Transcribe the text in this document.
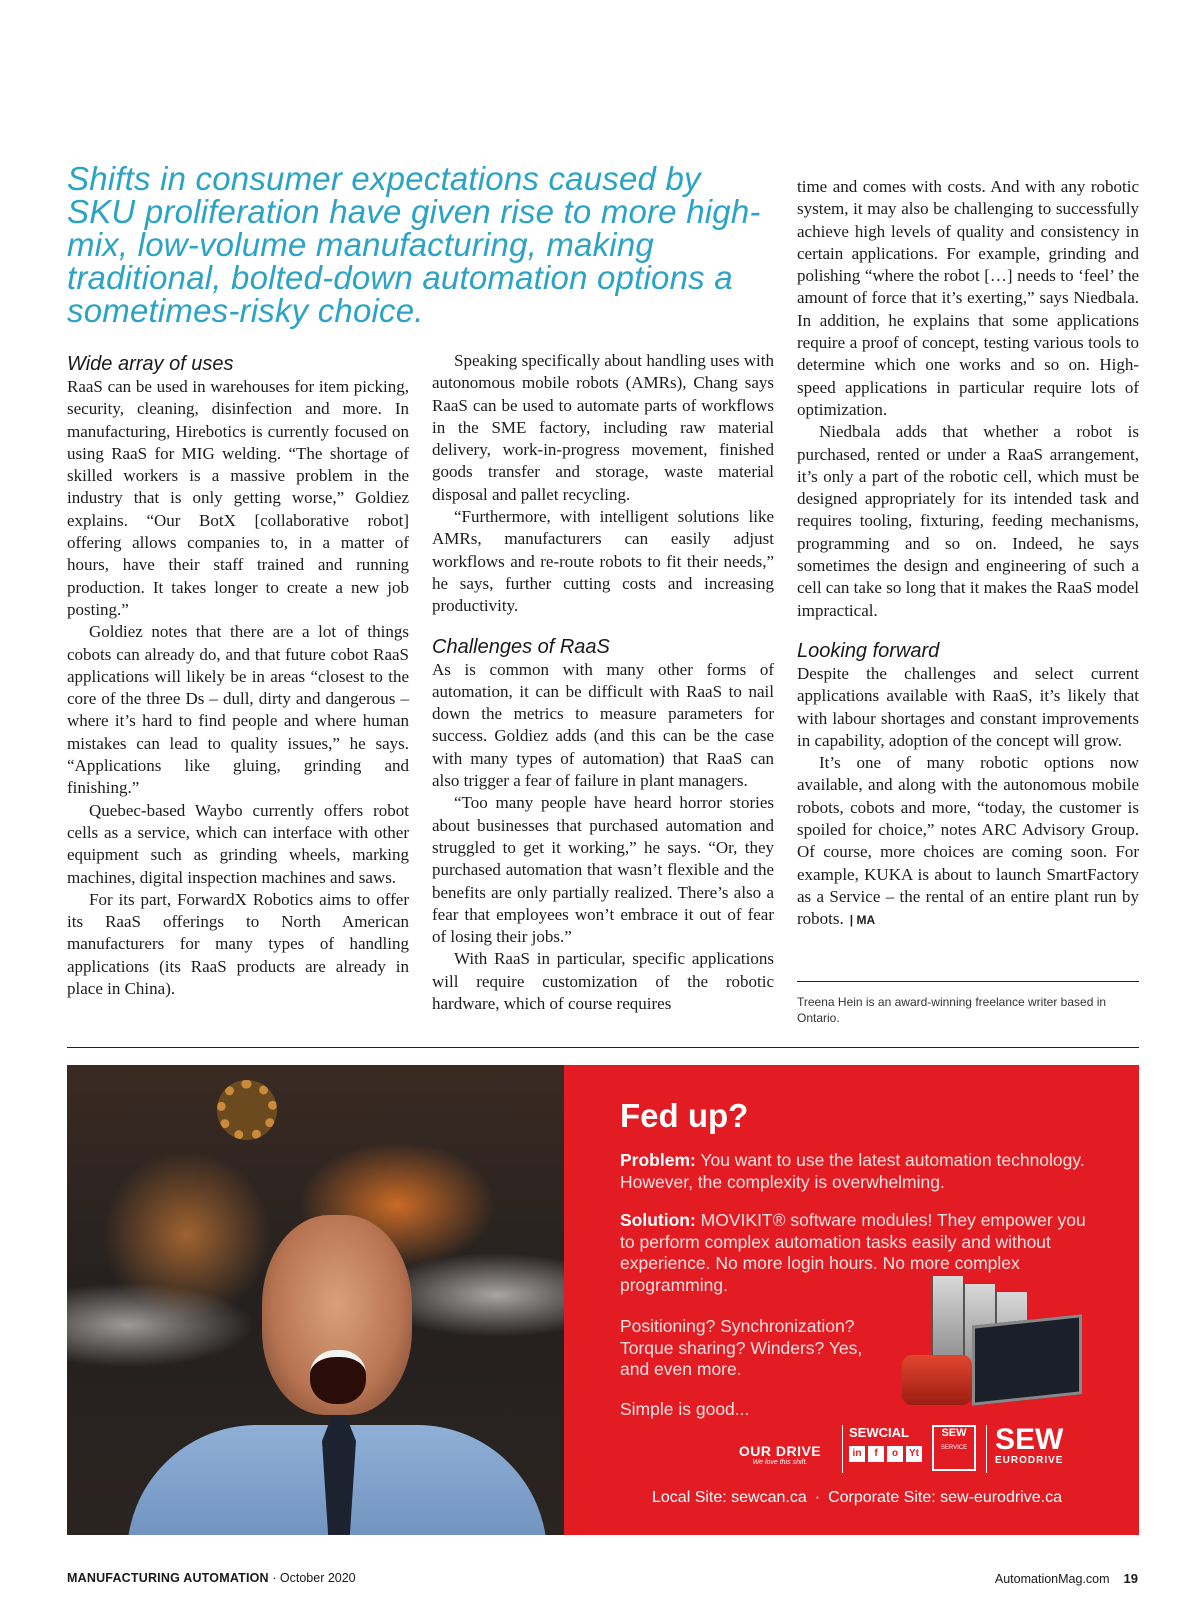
Shifts in consumer expectations caused by SKU proliferation have given rise to more high-mix, low-volume manufacturing, making traditional, bolted-down automation options a sometimes-risky choice.
Wide array of uses

RaaS can be used in warehouses for item picking, security, cleaning, disinfection and more. In manufacturing, Hirebotics is currently focused on using RaaS for MIG welding. “The shortage of skilled workers is a massive problem in the industry that is only getting worse,” Goldiez explains. “Our BotX [collaborative robot] offering allows companies to, in a matter of hours, have their staff trained and running production. It takes longer to create a new job posting.”

Goldiez notes that there are a lot of things cobots can already do, and that future cobot RaaS applications will likely be in areas “closest to the core of the three Ds – dull, dirty and dangerous – where it’s hard to find people and where human mistakes can lead to quality issues,” he says. “Applications like gluing, grinding and finishing.”

Quebec-based Waybo currently offers robot cells as a service, which can interface with other equipment such as grinding wheels, marking machines, digital inspection machines and saws.

For its part, ForwardX Robotics aims to offer its RaaS offerings to North American manufacturers for many types of handling applications (its RaaS products are already in place in China).

Speaking specifically about handling uses with autonomous mobile robots (AMRs), Chang says RaaS can be used to automate parts of workflows in the SME factory, including raw material delivery, work-in-progress movement, finished goods transfer and storage, waste material disposal and pallet recycling.

“Furthermore, with intelligent solutions like AMRs, manufacturers can easily adjust workflows and re-route robots to fit their needs,” he says, further cutting costs and increasing productivity.

Challenges of RaaS

As is common with many other forms of automation, it can be difficult with RaaS to nail down the metrics to measure parameters for success. Goldiez adds (and this can be the case with many types of automation) that RaaS can also trigger a fear of failure in plant managers.

“Too many people have heard horror stories about businesses that purchased automation and struggled to get it working,” he says. “Or, they purchased automation that wasn’t flexible and the benefits are only partially realized. There’s also a fear that employees won’t embrace it out of fear of losing their jobs.”

With RaaS in particular, specific applications will require customization of the robotic hardware, which of course requires

time and comes with costs. And with any robotic system, it may also be challenging to successfully achieve high levels of quality and consistency in certain applications. For example, grinding and polishing “where the robot […] needs to ‘feel’ the amount of force that it’s exerting,” says Niedbala. In addition, he explains that some applications require a proof of concept, testing various tools to determine which one works and so on. High-speed applications in particular require lots of optimization.

Niedbala adds that whether a robot is purchased, rented or under a RaaS arrangement, it’s only a part of the robotic cell, which must be designed appropriately for its intended task and requires tooling, fixturing, feeding mechanisms, programming and so on. Indeed, he says sometimes the design and engineering of such a cell can take so long that it makes the RaaS model impractical.

Looking forward

Despite the challenges and select current applications available with RaaS, it’s likely that with labour shortages and constant improvements in capability, adoption of the concept will grow.

It’s one of many robotic options now available, and along with the autonomous mobile robots, cobots and more, “today, the customer is spoiled for choice,” notes ARC Advisory Group. Of course, more choices are coming soon. For example, KUKA is about to launch SmartFactory as a Service – the rental of an entire plant run by robots. | MA

Treena Hein is an award-winning freelance writer based in Ontario.
Fed up?
Problem: You want to use the latest automation technology. However, the complexity is overwhelming.
Solution: MOVIKIT® software modules! They empower you to perform complex automation tasks easily and without experience. No more login hours. No more complex programming.
Positioning? Synchronization? Torque sharing? Winders? Yes, and even more.
Simple is good...
OUR DRIVE
We love this shift.
SEWCIAL
in	f	o	Yt
SEW
SERVICE SEW
EURODRIVE
Local Site: sewcan.ca · Corporate Site: sew-eurodrive.ca
MANUFACTURING AUTOMATION · October 2020	AutomationMag.com 19
